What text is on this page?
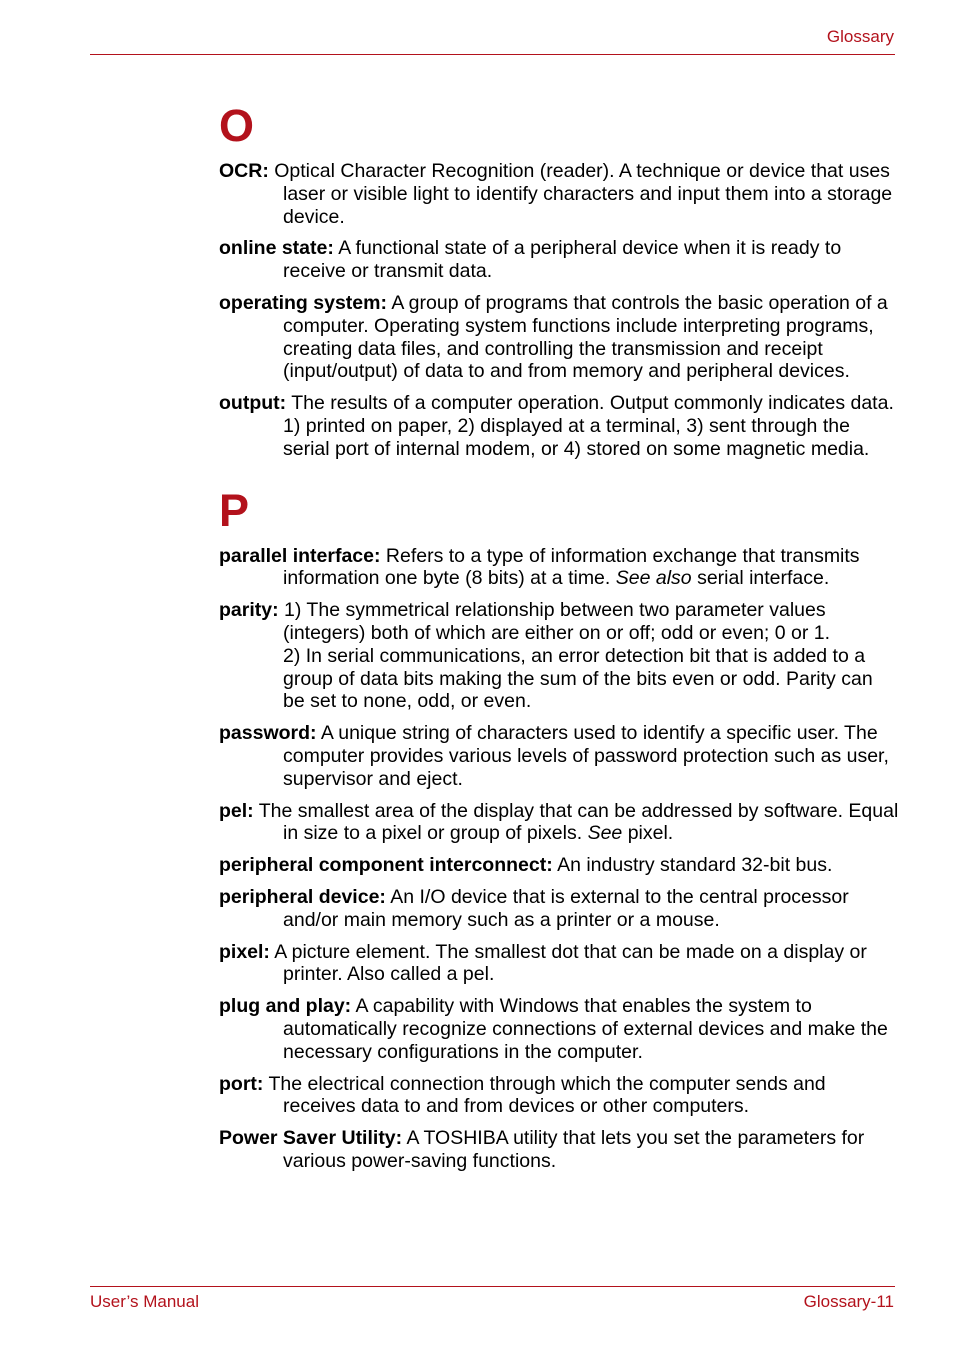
Glossary
O
OCR: Optical Character Recognition (reader). A technique or device that uses laser or visible light to identify characters and input them into a storage device.
online state: A functional state of a peripheral device when it is ready to receive or transmit data.
operating system: A group of programs that controls the basic operation of a computer. Operating system functions include interpreting programs, creating data files, and controlling the transmission and receipt (input/output) of data to and from memory and peripheral devices.
output: The results of a computer operation. Output commonly indicates data.
1) printed on paper, 2) displayed at a terminal, 3) sent through the serial port of internal modem, or 4) stored on some magnetic media.
P
parallel interface: Refers to a type of information exchange that transmits information one byte (8 bits) at a time. See also serial interface.
parity: 1) The symmetrical relationship between two parameter values (integers) both of which are either on or off; odd or even; 0 or 1.
2) In serial communications, an error detection bit that is added to a group of data bits making the sum of the bits even or odd. Parity can be set to none, odd, or even.
password: A unique string of characters used to identify a specific user. The computer provides various levels of password protection such as user, supervisor and eject.
pel: The smallest area of the display that can be addressed by software. Equal in size to a pixel or group of pixels. See pixel.
peripheral component interconnect: An industry standard 32-bit bus.
peripheral device: An I/O device that is external to the central processor and/or main memory such as a printer or a mouse.
pixel: A picture element. The smallest dot that can be made on a display or printer. Also called a pel.
plug and play: A capability with Windows that enables the system to automatically recognize connections of external devices and make the necessary configurations in the computer.
port: The electrical connection through which the computer sends and receives data to and from devices or other computers.
Power Saver Utility: A TOSHIBA utility that lets you set the parameters for various power-saving functions.
User’s Manual	Glossary-11
